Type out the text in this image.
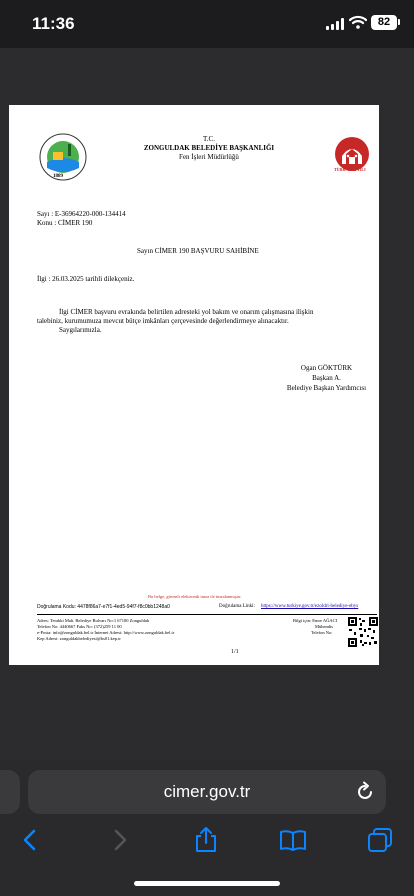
11:36	82
1889
T.C.
ZONGULDAK BELEDİYE BAŞKANLIĞI
Fen İşleri Müdürlüğü
TÜRK AİLE YILI
Sayı : E-36964220-000-134414
Konu : CİMER 190
Sayın CİMER 190 BAŞVURU SAHİBİNE
İlgi : 26.03.2025 tarihli dilekçeniz.
İlgi CİMER başvuru evrakında belirtilen adresteki yol bakım ve onarım çalışmasına ilişkin talebiniz, kurumumuza mevcut bütçe imkânları çerçevesinde değerlendirmeye alınacaktır.
Saygılarımızla.
Ogan GÖKTÜRK
Başkan A.
Belediye Başkan Yardımcısı
Bu belge, güvenli elektronik imza ile imzalanmıştır.
Doğrulama Kodu: 4478f86a7-e7f1-4ed5-94f7-f8c0bb1248a0	Doğrulama Linki: https://www.turkiye.gov.tr/ezoldri-belediye-ebys
Adres: Terakki Mah. Belediye Bulvarı No:1 67100 Zonguldak
Telefon No: 4440667 Faks No: (372)259 11 00
e-Posta: info@zonguldak.bel.tr İnternet Adresi: http://www.zonguldak.bel.tr
Kep Adresi: zonguldakbelediyesi@hs01.kep.tr
Bilgi için: Emre AĞACI
Mühendis
Telefon No:
1/1
cimer.gov.tr
